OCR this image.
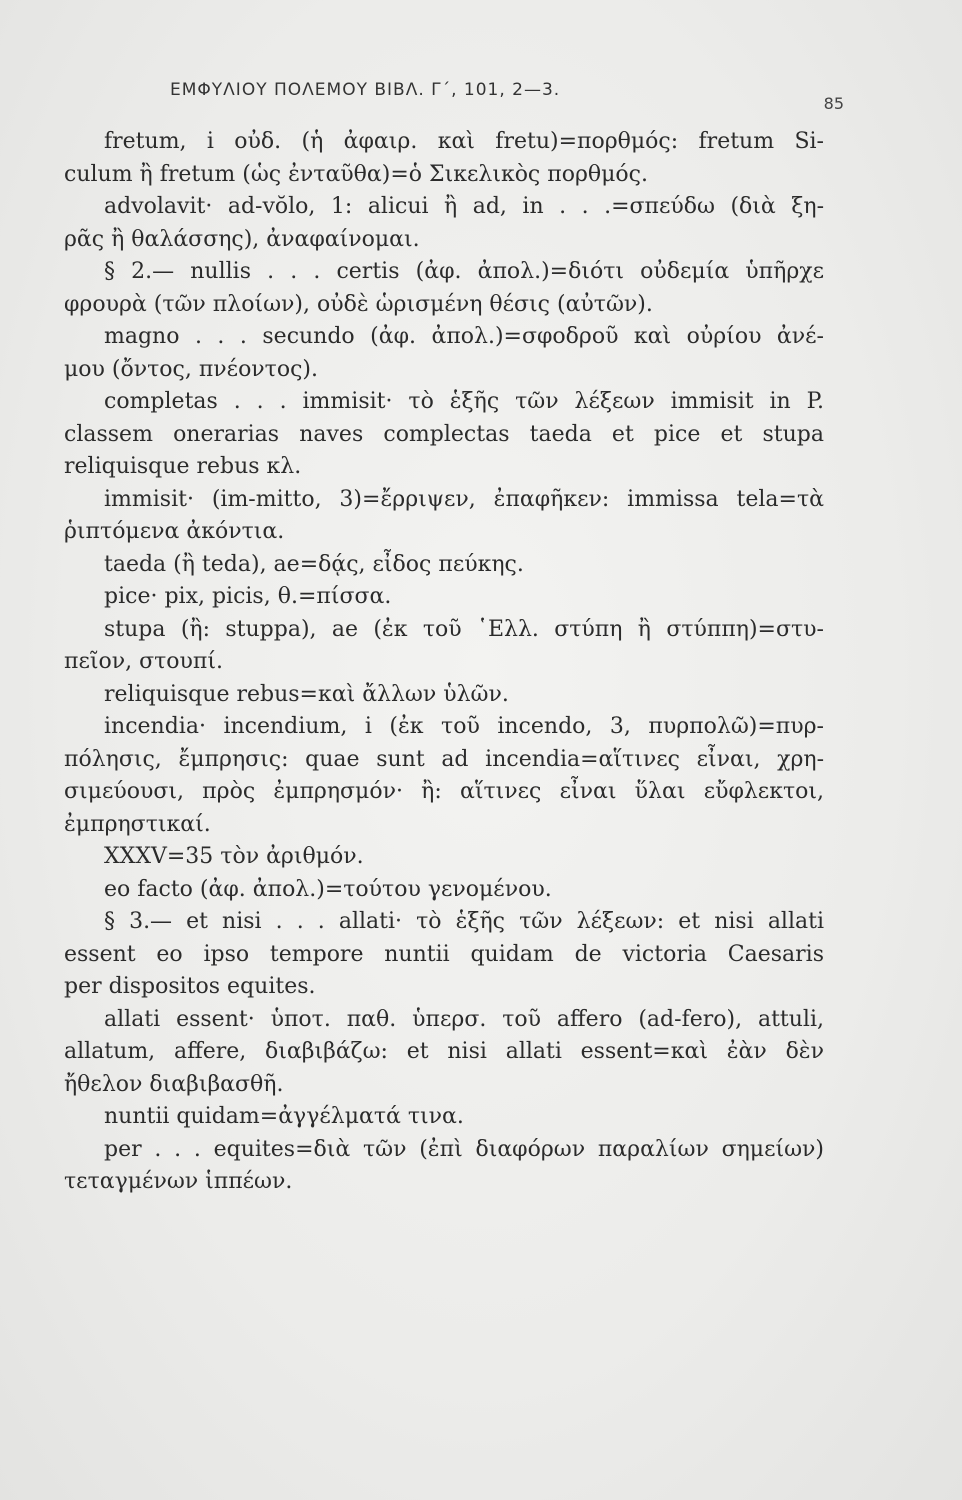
ΕΜΦΥΛΙΟΥ ΠΟΛΕΜΟΥ ΒΙΒΛ. Γ΄, 101, 2—3.
85
fretum, i οὐδ. (ἡ ἀφαιρ. καὶ fretu)=πορθμός: fretum Si-
culum ἢ fretum (ὡς ἐνταῦθα)=ὁ Σικελικὸς πορθμός.
advolavit· ad-vŏlo, 1: alicui ἢ ad, in . . .=σπεύδω (διὰ ξη-
ρᾶς ἢ θαλάσσης), ἀναφαίνομαι.
§ 2.— nullis . . . certis (ἀφ. ἀπολ.)=διότι οὐδεμία ὑπῆρχε
φρουρὰ (τῶν πλοίων), οὐδὲ ὡρισμένη θέσις (αὐτῶν).
magno . . . secundo (ἀφ. ἀπολ.)=σφοδροῦ καὶ οὐρίου ἀνέ-
μου (ὄντος, πνέοντος).
completas . . . immisit· τὸ ἑξῆς τῶν λέξεων immisit in P.
classem onerarias naves complectas taeda et pice et stupa
reliquisque rebus κλ.
immisit· (im-mitto, 3)=ἔρριψεν, ἐπαφῆκεν: immissa tela=τὰ
ῥιπτόμενα ἀκόντια.
taeda (ἢ teda), ae=δᾴς, εἶδος πεύκης.
pice· pix, picis, θ.=πίσσα.
stupa (ἢ: stuppa), ae (ἐκ τοῦ ῾Ελλ. στύπη ἢ στύππη)=στυ-
πεῖον, στουπί.
reliquisque rebus=καὶ ἄλλων ὑλῶν.
incendia· incendium, i (ἐκ τοῦ incendo, 3, πυρπολῶ)=πυρ-
πόλησις, ἔμπρησις: quae sunt ad incendia=αἵτινες εἶναι, χρη-
σιμεύουσι, πρὸς ἐμπρησμόν· ἢ: αἵτινες εἶναι ὕλαι εὔφλεκτοι,
ἐμπρηστικαί.
XXXV=35 τὸν ἀριθμόν.
eo facto (ἀφ. ἀπολ.)=τούτου γενομένου.
§ 3.— et nisi . . . allati· τὸ ἑξῆς τῶν λέξεων: et nisi allati
essent eo ipso tempore nuntii quidam de victoria Caesaris
per dispositos equites.
allati essent· ὑποτ. παθ. ὑπερσ. τοῦ affero (ad-fero), attuli,
allatum, affere, διαβιβάζω: et nisi allati essent=καὶ ἐὰν δὲν
ἤθελον διαβιβασθῆ.
nuntii quidam=ἀγγέλματά τινα.
per . . . equites=διὰ τῶν (ἐπὶ διαφόρων παραλίων σημείων)
τεταγμένων ἱππέων.
